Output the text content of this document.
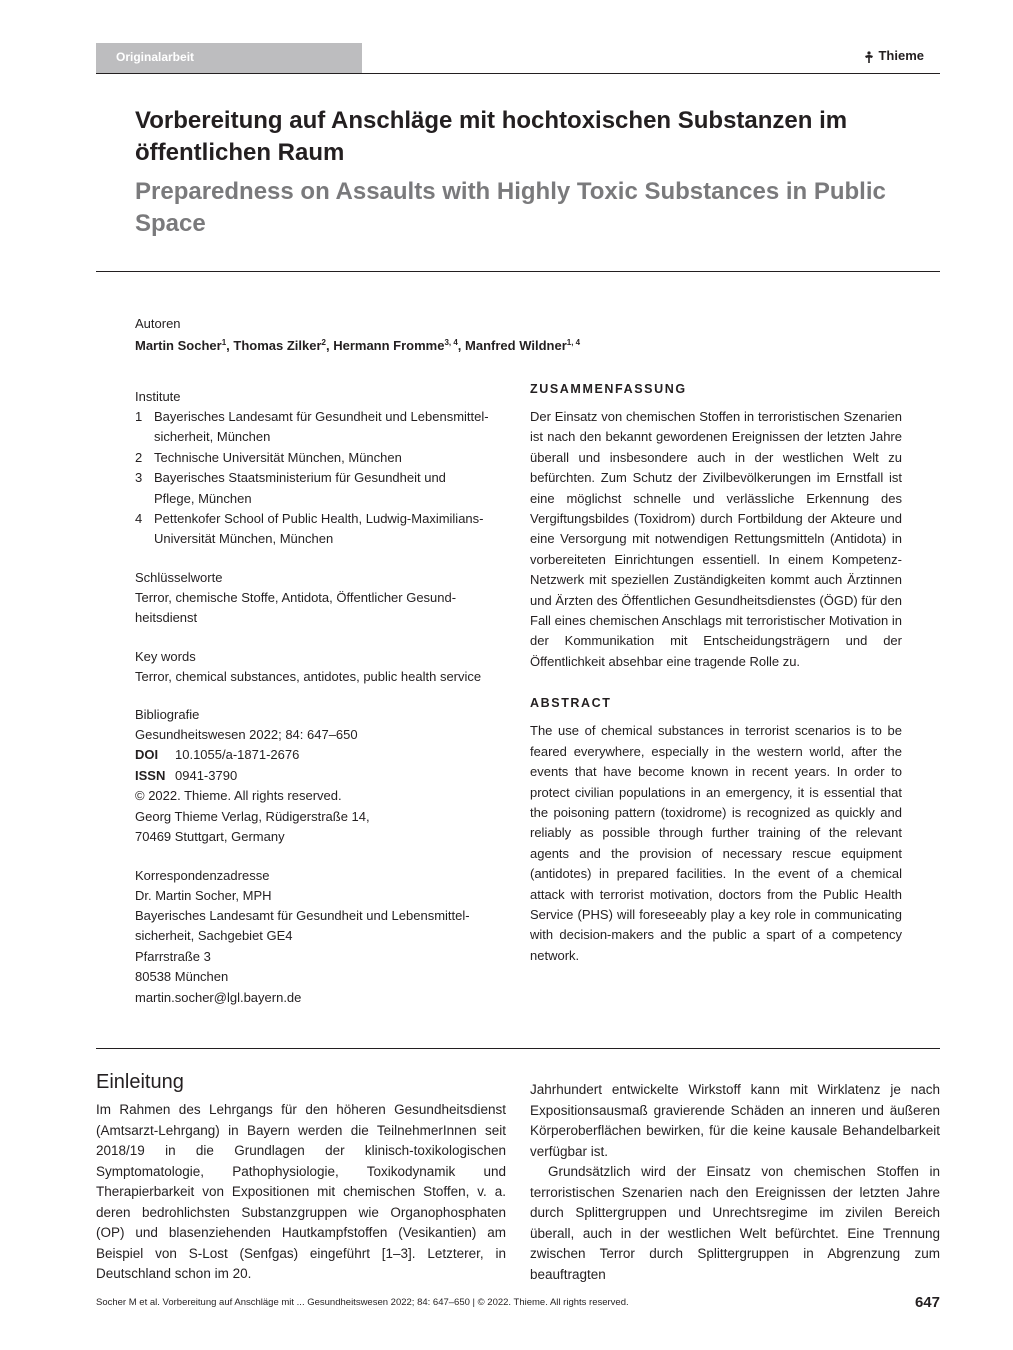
Originalarbeit	Thieme
Vorbereitung auf Anschläge mit hochtoxischen Substanzen im öffentlichen Raum
Preparedness on Assaults with Highly Toxic Substances in Public Space
Autoren
Martin Socher$^1$, Thomas Zilker$^2$, Hermann Fromme$^{3, 4}$, Manfred Wildner$^{1, 4}$
Institute
1 Bayerisches Landesamt für Gesundheit und Lebensmittel-
sicherheit, München
2 Technische Universität München, München
3 Bayerisches Staatsministerium für Gesundheit und
Pflege, München
4 Pettenkofer School of Public Health, Ludwig-Maximilians-
Universität München, München
Schlüsselworte
Terror, chemische Stoffe, Antidota, Öffentlicher Gesund-
heitsdienst
Key words
Terror, chemical substances, antidotes, public health service
Bibliografie
Gesundheitswesen 2022; 84: 647–650
DOI 10.1055/a-1871-2676
ISSN 0941-3790
© 2022. Thieme. All rights reserved.
Georg Thieme Verlag, Rüdigerstraße 14,
70469 Stuttgart, Germany
Korrespondenzadresse
Dr. Martin Socher, MPH
Bayerisches Landesamt für Gesundheit und Lebensmittel-
sicherheit, Sachgebiet GE4
Pfarrstraße 3
80538 München
martin.socher@lgl.bayern.de
ZUSAMMENFASSUNG

Der Einsatz von chemischen Stoffen in terroristischen Szenarien ist nach den bekannt gewordenen Ereignissen der letzten Jahre überall und insbesondere auch in der westlichen Welt zu befürchten. Zum Schutz der Zivilbevölkerungen im Ernstfall ist eine möglichst schnelle und verlässliche Erkennung des Vergiftungsbildes (Toxidrom) durch Fortbildung der Akteure und eine Versorgung mit notwendigen Rettungsmitteln (Antidota) in vorbereiteten Einrichtungen essentiell. In einem Kompetenz-Netzwerk mit speziellen Zuständigkeiten kommt auch Ärztinnen und Ärzten des Öffentlichen Gesundheitsdienstes (ÖGD) für den Fall eines chemischen Anschlags mit terroristischer Motivation in der Kommunikation mit Entscheidungsträgern und der Öffentlichkeit absehbar eine tragende Rolle zu.

ABSTRACT

The use of chemical substances in terrorist scenarios is to be feared everywhere, especially in the western world, after the events that have become known in recent years. In order to protect civilian populations in an emergency, it is essential that the poisoning pattern (toxidrome) is recognized as quickly and reliably as possible through further training of the relevant agents and the provision of necessary rescue equipment (antidotes) in prepared facilities. In the event of a chemical attack with terrorist motivation, doctors from the Public Health Service (PHS) will foreseeably play a key role in communicating with decision-makers and the public a spart of a competency network.

Einleitung

Im Rahmen des Lehrgangs für den höheren Gesundheitsdienst (Amtsarzt-Lehrgang) in Bayern werden die TeilnehmerInnen seit 2018/19 in die Grundlagen der klinisch-toxikologischen Symptomatologie, Pathophysiologie, Toxikodynamik und Therapierbarkeit von Expositionen mit chemischen Stoffen, v. a. deren bedrohlichsten Substanzgruppen wie Organophosphaten (OP) und blasenziehenden Hautkampfstoffen (Vesikantien) am Beispiel von S-Lost (Senfgas) eingeführt [1–3]. Letzterer, in Deutschland schon im 20.

Jahrhundert entwickelte Wirkstoff kann mit Wirklatenz je nach Expositionsausmaß gravierende Schäden an inneren und äußeren Körperoberflächen bewirken, für die keine kausale Behandelbarkeit verfügbar ist.

Grundsätzlich wird der Einsatz von chemischen Stoffen in terroristischen Szenarien nach den Ereignissen der letzten Jahre durch Splittergruppen und Unrechtsregime im zivilen Bereich überall, auch in der westlichen Welt befürchtet. Eine Trennung zwischen Terror durch Splittergruppen in Abgrenzung zum beauftragten

Socher M et al. Vorbereitung auf Anschläge mit ... Gesundheitswesen 2022; 84: 647–650 | © 2022. Thieme. All rights reserved.	647
